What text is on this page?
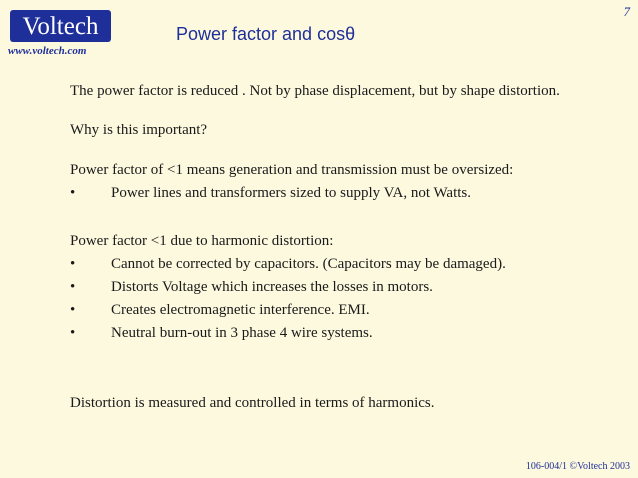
Voltech
www.voltech.com
Power factor and cosθ
7
The power factor is reduced . Not by phase displacement, but by shape distortion.
Why is this important?
Power factor of <1 means generation and transmission must be oversized:
• Power lines and transformers sized to supply VA, not Watts.
Power factor <1 due to harmonic distortion:
• Cannot be corrected by capacitors. (Capacitors may be damaged).
• Distorts Voltage which increases the losses in motors.
• Creates electromagnetic interference. EMI.
• Neutral burn-out in 3 phase 4 wire systems.
Distortion is measured and controlled in terms of harmonics.
106-004/1 ©Voltech 2003
